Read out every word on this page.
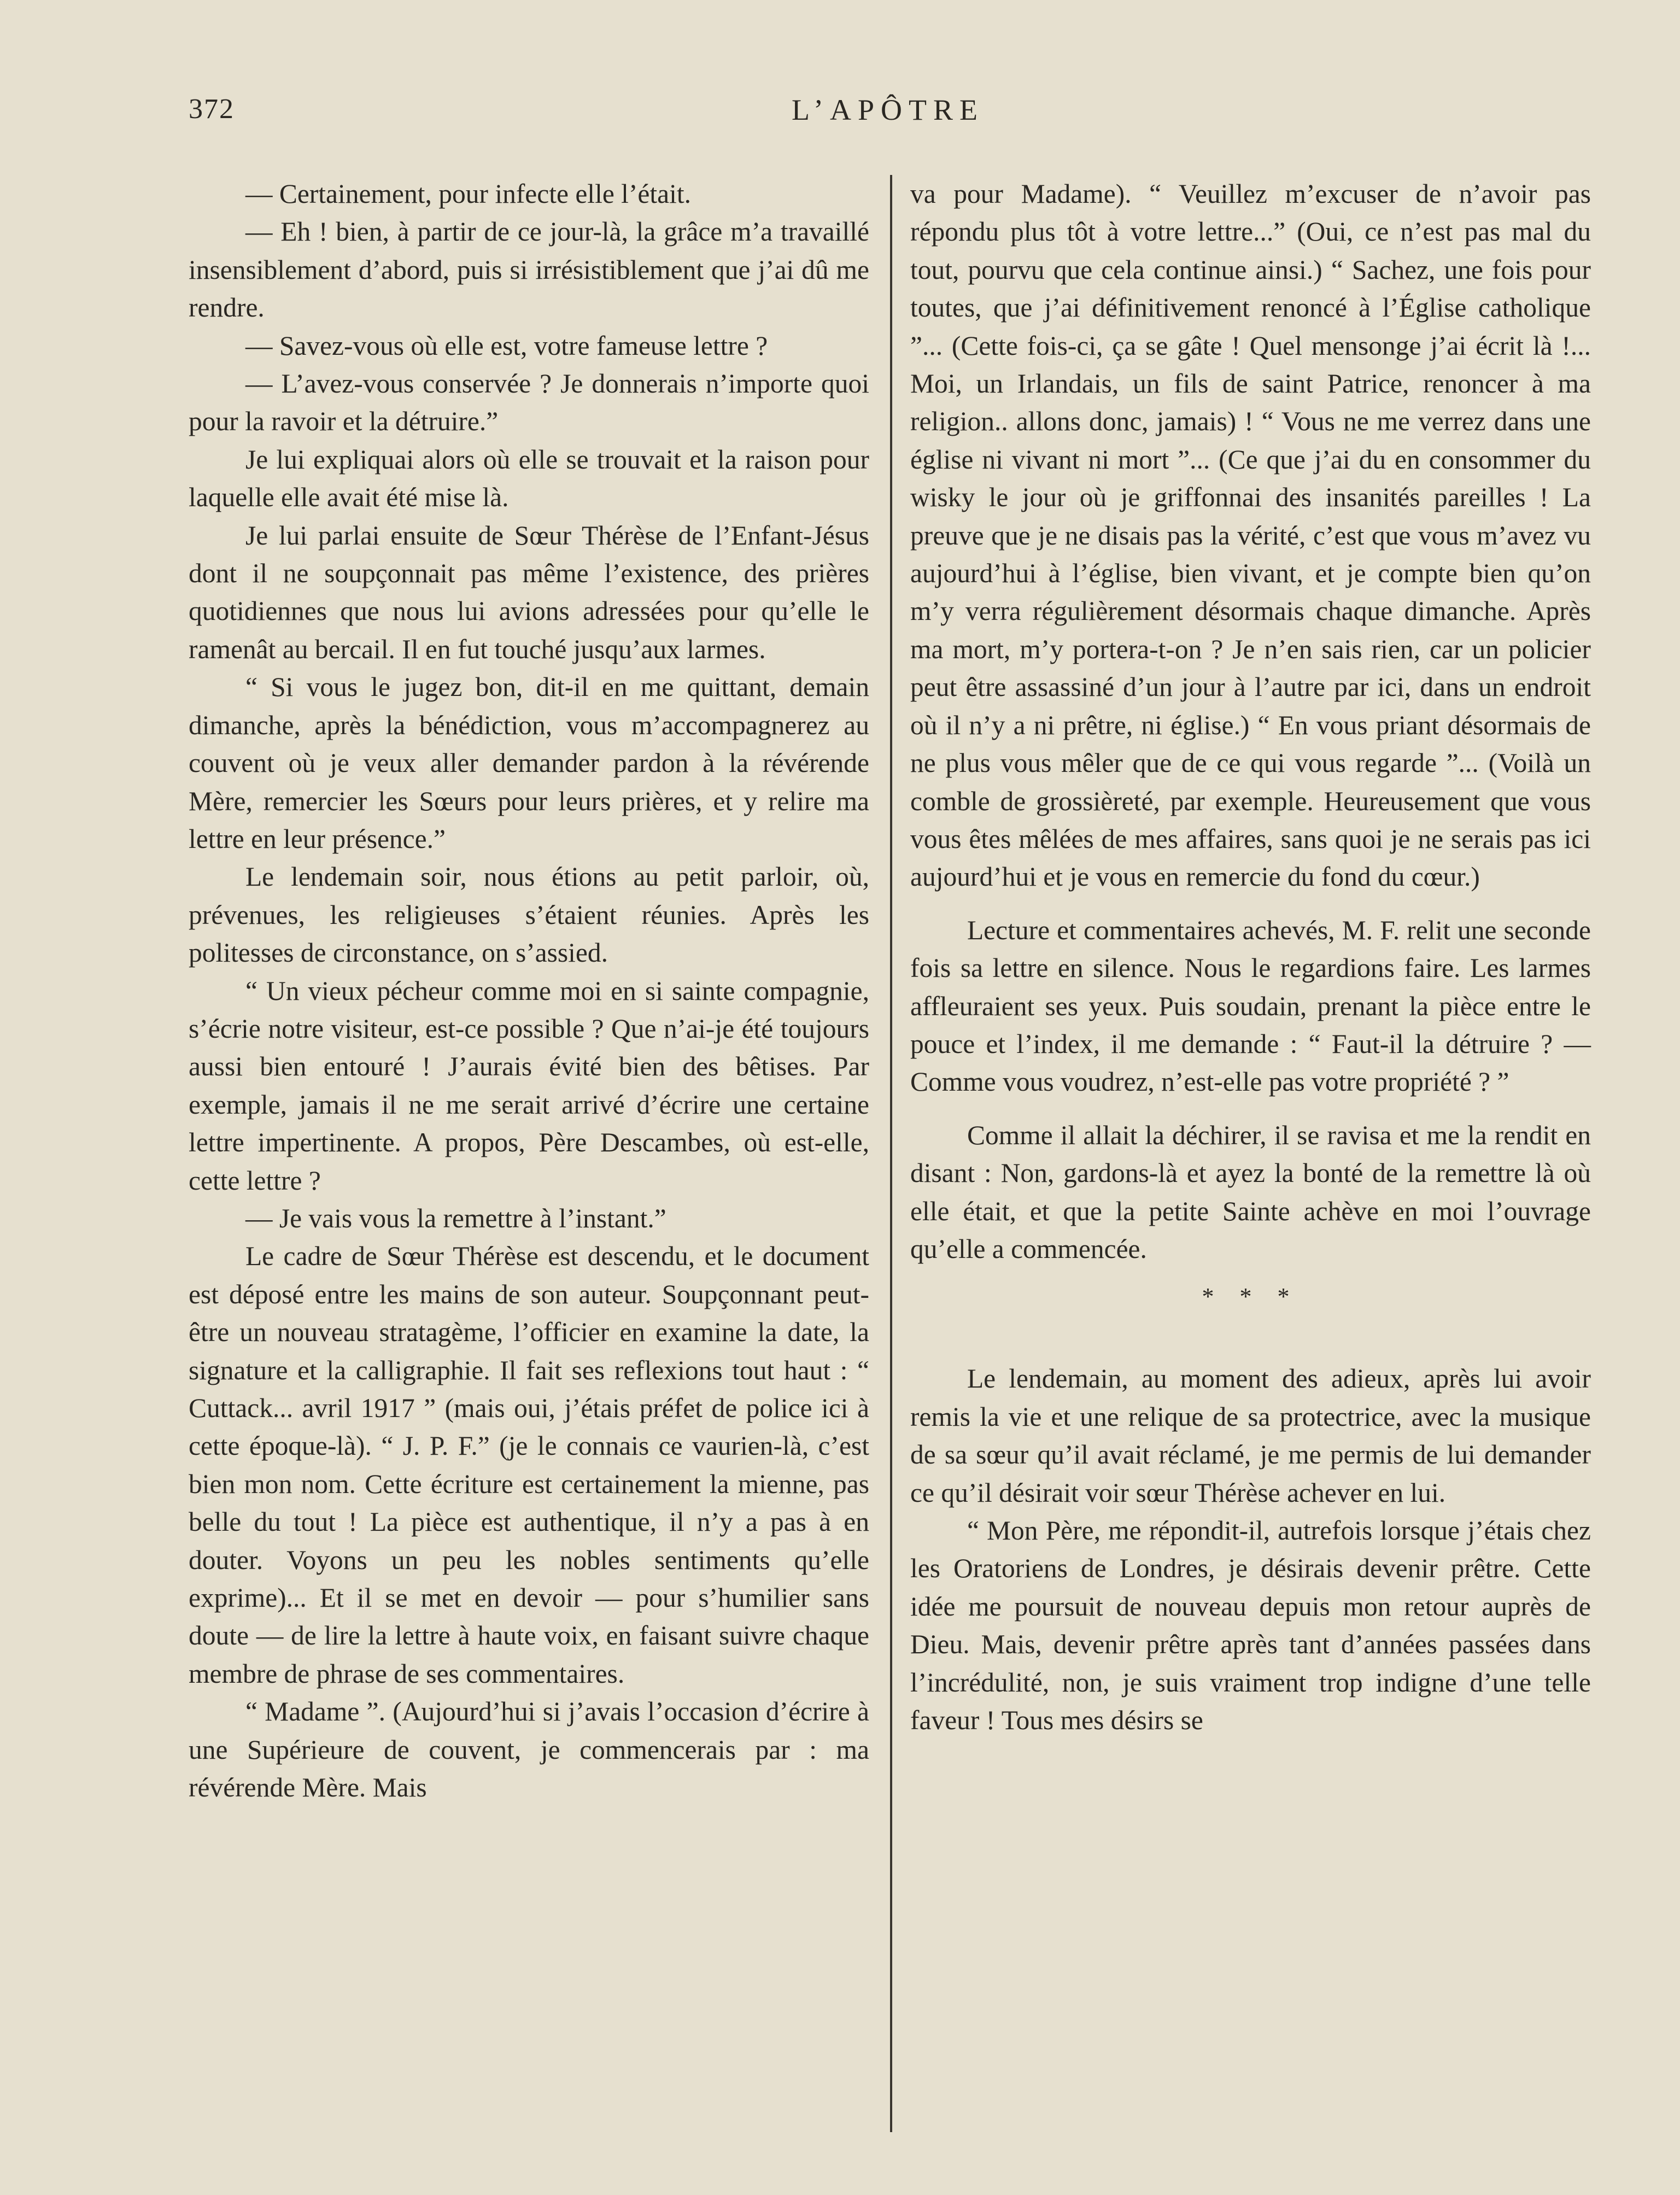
372	L’APÔTRE

— Certainement, pour infecte elle l’était.

— Eh ! bien, à partir de ce jour-là, la grâce m’a travaillé insensiblement d’abord, puis si irrésistiblement que j’ai dû me rendre.

— Savez-vous où elle est, votre fameuse lettre ?

— L’avez-vous conservée ? Je donnerais n’importe quoi pour la ravoir et la détruire.”

Je lui expliquai alors où elle se trouvait et la raison pour laquelle elle avait été mise là.

Je lui parlai ensuite de Sœur Thérèse de l’Enfant-Jésus dont il ne soupçonnait pas même l’existence, des prières quotidiennes que nous lui avions adressées pour qu’elle le ramenât au bercail. Il en fut touché jusqu’aux larmes.

“ Si vous le jugez bon, dit-il en me quittant, demain dimanche, après la bénédiction, vous m’accompagnerez au couvent où je veux aller demander pardon à la révérende Mère, remercier les Sœurs pour leurs prières, et y relire ma lettre en leur présence.”

Le lendemain soir, nous étions au petit parloir, où, prévenues, les religieuses s’étaient réunies. Après les politesses de circonstance, on s’assied.

“ Un vieux pécheur comme moi en si sainte compagnie, s’écrie notre visiteur, est-ce possible ? Que n’ai-je été toujours aussi bien entouré ! J’aurais évité bien des bêtises. Par exemple, jamais il ne me serait arrivé d’écrire une certaine lettre impertinente. A propos, Père Descambes, où est-elle, cette lettre ?

— Je vais vous la remettre à l’instant.”

Le cadre de Sœur Thérèse est descendu, et le document est déposé entre les mains de son auteur. Soupçonnant peut-être un nouveau stratagème, l’officier en examine la date, la signature et la calligraphie. Il fait ses reflexions tout haut : “ Cuttack... avril 1917 ” (mais oui, j’étais préfet de police ici à cette époque-là). “ J. P. F.” (je le connais ce vaurien-là, c’est bien mon nom. Cette écriture est certainement la mienne, pas belle du tout ! La pièce est authentique, il n’y a pas à en douter. Voyons un peu les nobles sentiments qu’elle exprime)... Et il se met en devoir — pour s’humilier sans doute — de lire la lettre à haute voix, en faisant suivre chaque membre de phrase de ses commentaires.

“ Madame ”. (Aujourd’hui si j’avais l’occasion d’écrire à une Supérieure de couvent, je commencerais par : ma révérende Mère. Mais

va pour Madame). “ Veuillez m’excuser de n’avoir pas répondu plus tôt à votre lettre...” (Oui, ce n’est pas mal du tout, pourvu que cela continue ainsi.) “ Sachez, une fois pour toutes, que j’ai définitivement renoncé à l’Église catholique ”... (Cette fois-ci, ça se gâte ! Quel mensonge j’ai écrit là !... Moi, un Irlandais, un fils de saint Patrice, renoncer à ma religion.. allons donc, jamais) ! “ Vous ne me verrez dans une église ni vivant ni mort ”... (Ce que j’ai du en consommer du wisky le jour où je griffonnai des insanités pareilles ! La preuve que je ne disais pas la vérité, c’est que vous m’avez vu aujourd’hui à l’église, bien vivant, et je compte bien qu’on m’y verra régulièrement désormais chaque dimanche. Après ma mort, m’y portera-t-on ? Je n’en sais rien, car un policier peut être assassiné d’un jour à l’autre par ici, dans un endroit où il n’y a ni prêtre, ni église.) “ En vous priant désormais de ne plus vous mêler que de ce qui vous regarde ”... (Voilà un comble de grossièreté, par exemple. Heureusement que vous vous êtes mêlées de mes affaires, sans quoi je ne serais pas ici aujourd’hui et je vous en remercie du fond du cœur.)

Lecture et commentaires achevés, M. F. relit une seconde fois sa lettre en silence. Nous le regardions faire. Les larmes affleuraient ses yeux. Puis soudain, prenant la pièce entre le pouce et l’index, il me demande : “ Faut-il la détruire ? — Comme vous voudrez, n’est-elle pas votre propriété ? ”

Comme il allait la déchirer, il se ravisa et me la rendit en disant : Non, gardons-là et ayez la bonté de la remettre là où elle était, et que la petite Sainte achève en moi l’ouvrage qu’elle a commencée.

* * *

Le lendemain, au moment des adieux, après lui avoir remis la vie et une relique de sa protectrice, avec la musique de sa sœur qu’il avait réclamé, je me permis de lui demander ce qu’il désirait voir sœur Thérèse achever en lui.

“ Mon Père, me répondit-il, autrefois lorsque j’étais chez les Oratoriens de Londres, je désirais devenir prêtre. Cette idée me poursuit de nouveau depuis mon retour auprès de Dieu. Mais, devenir prêtre après tant d’années passées dans l’incrédulité, non, je suis vraiment trop indigne d’une telle faveur ! Tous mes désirs se
